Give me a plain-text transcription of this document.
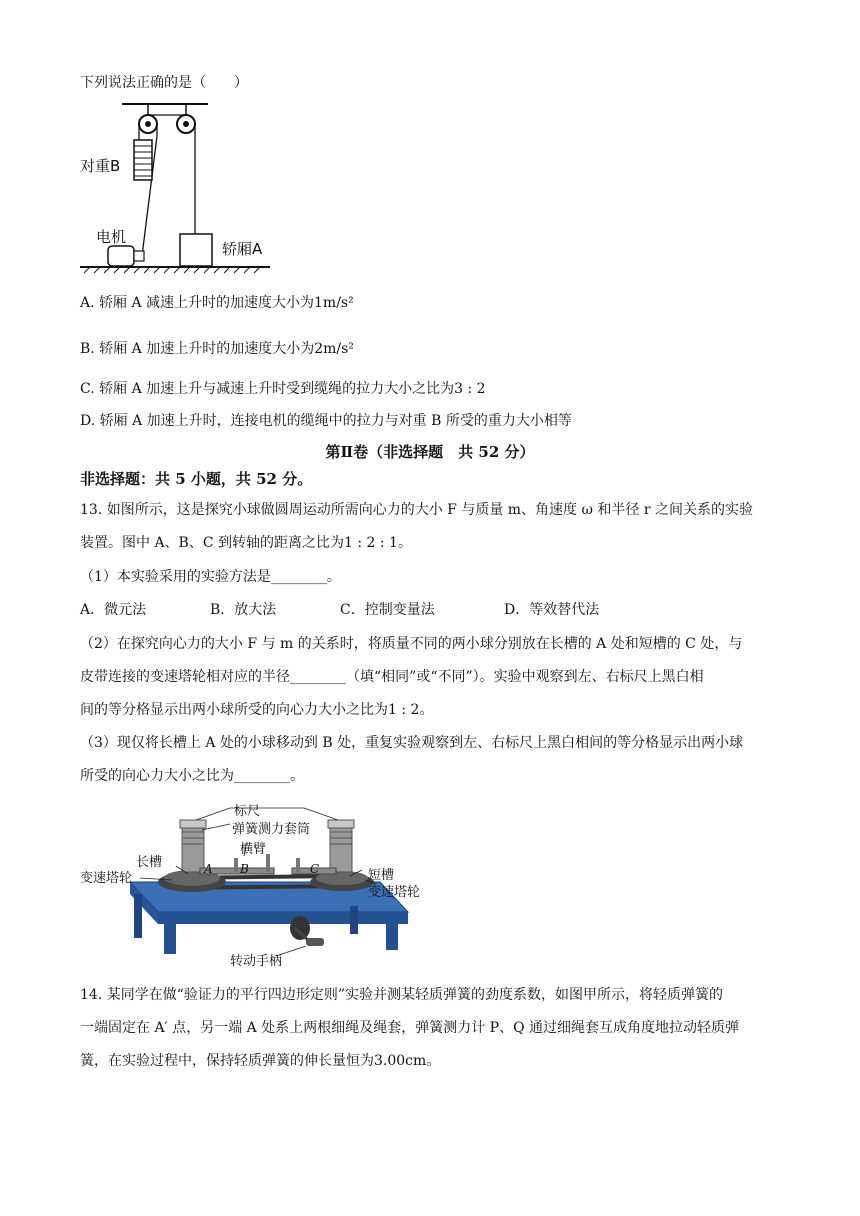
下列说法正确的是（　　）
对重B
电机
轿厢A
A. 轿厢 A 减速上升时的加速度大小为1m/s²
B. 轿厢 A 加速上升时的加速度大小为2m/s²
C. 轿厢 A 加速上升与减速上升时受到缆绳的拉力大小之比为3 : 2
D. 轿厢 A 加速上升时，连接电机的缆绳中的拉力与对重 B 所受的重力大小相等
第Ⅱ卷（非选择题　共 52 分）
非选择题：共 5 小题，共 52 分。
13. 如图所示，这是探究小球做圆周运动所需向心力的大小 F 与质量 m、角速度 ω 和半径 r 之间关系的实验
装置。图中 A、B、C 到转轴的距离之比为1 : 2 : 1。
（1）本实验采用的实验方法是________。
A．微元法	B．放大法	C．控制变量法	D．等效替代法
（2）在探究向心力的大小 F 与 m 的关系时，将质量不同的两小球分别放在长槽的 A 处和短槽的 C 处，与
皮带连接的变速塔轮相对应的半径________（填“相同”或“不同”）。实验中观察到左、右标尺上黑白相
间的等分格显示出两小球所受的向心力大小之比为1 : 2。
（3）现仅将长槽上 A 处的小球移动到 B 处，重复实验观察到左、右标尺上黑白相间的等分格显示出两小球
所受的向心力大小之比为________。
标尺
弹簧测力套筒
横臂
长槽
变速塔轮	短槽
变速塔轮
转动手柄
A B	C
14. 某同学在做“验证力的平行四边形定则”实验并测某轻质弹簧的劲度系数，如图甲所示，将轻质弹簧的
一端固定在 A′ 点，另一端 A 处系上两根细绳及绳套，弹簧测力计 P、Q 通过细绳套互成角度地拉动轻质弹
簧，在实验过程中，保持轻质弹簧的伸长量恒为3.00cm。
